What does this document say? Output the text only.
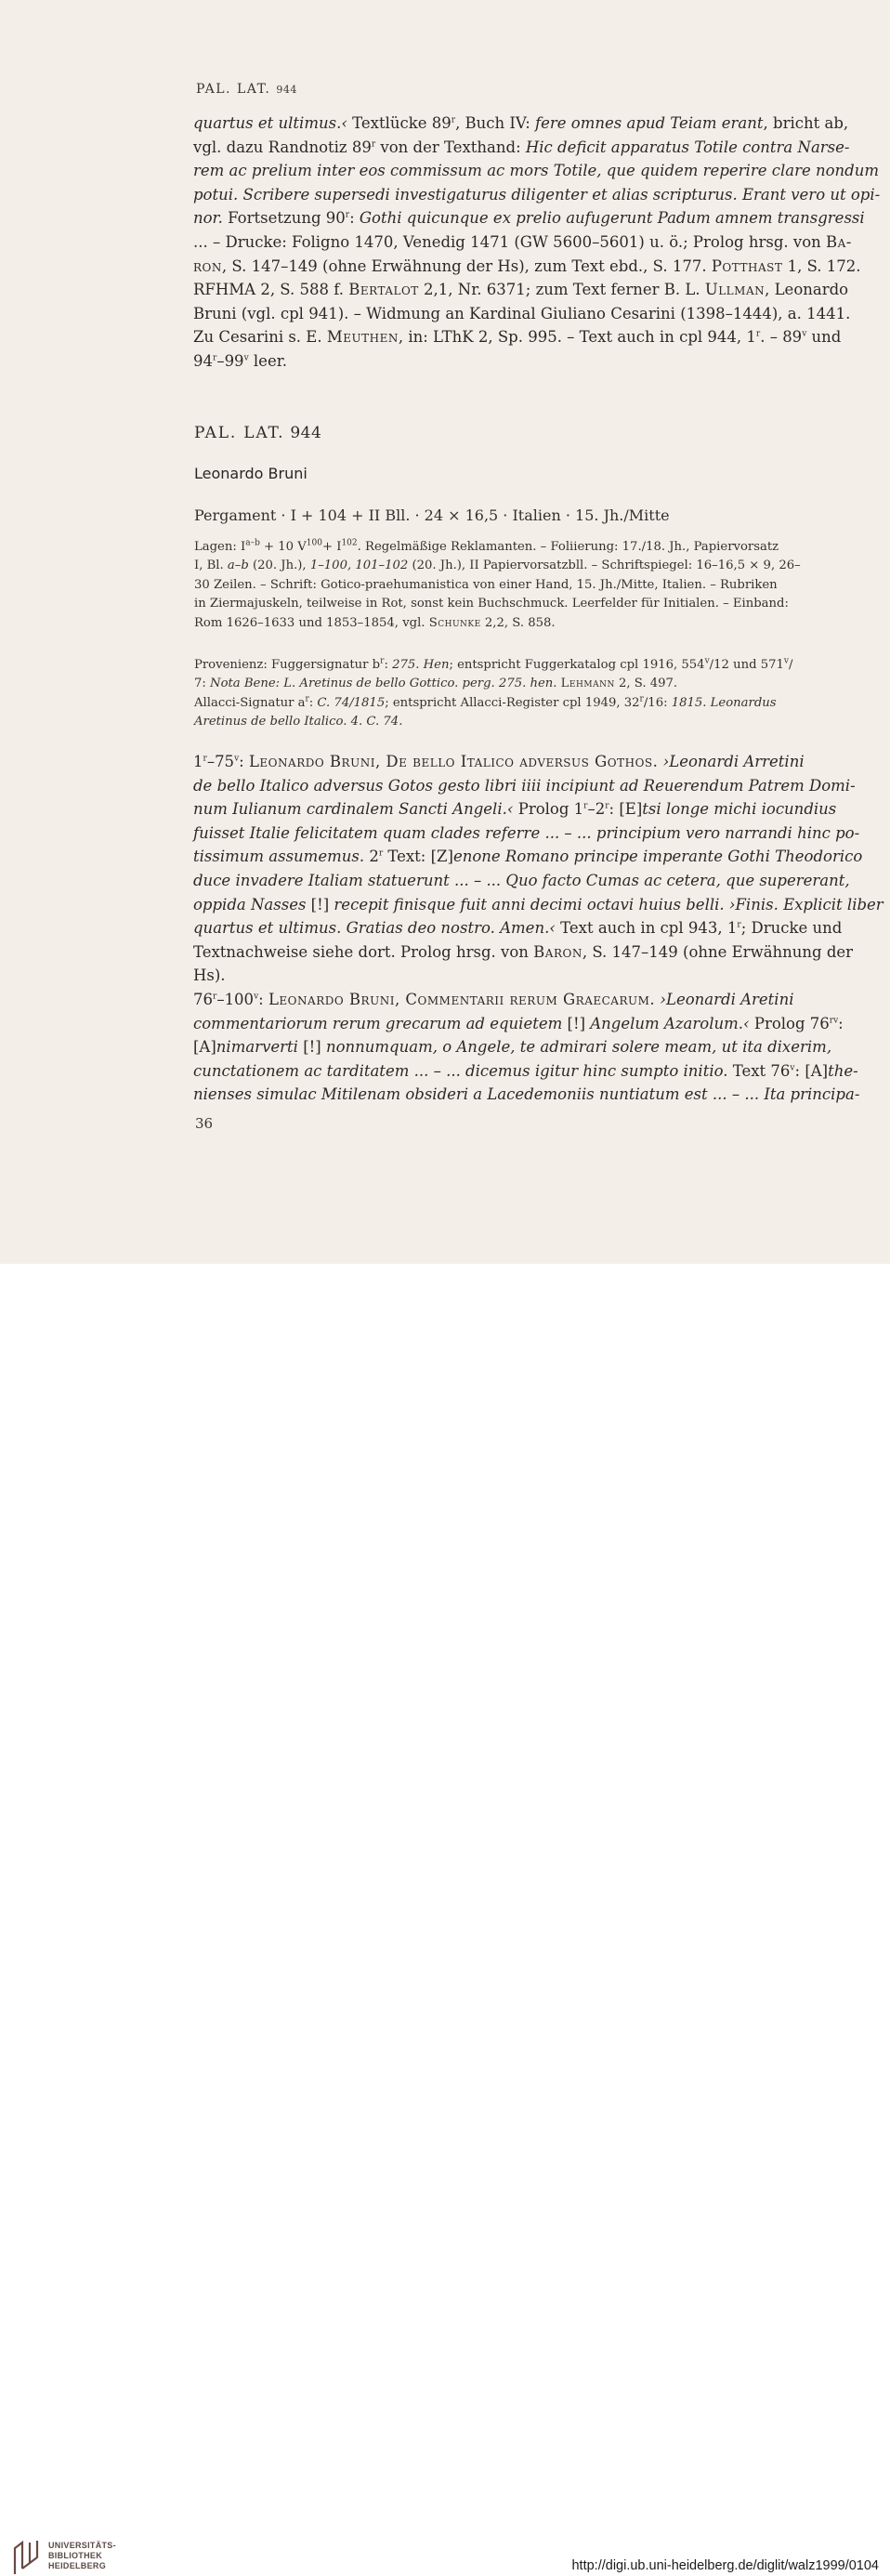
PAL. LAT. 944
quartus et ultimus.‹ Textlücke 89$^r$, Buch IV: fere omnes apud Teiam erant, bricht ab,
vgl. dazu Randnotiz 89$^r$ von der Texthand: Hic deficit apparatus Totile contra Narse-
rem ac prelium inter eos commissum ac mors Totile, que quidem reperire clare nondum
potui. Scribere supersedi investigaturus diligenter et alias scripturus. Erant vero ut opi-
nor. Fortsetzung 90$^r$: Gothi quicunque ex prelio aufugerunt Padum amnem transgressi
... – Drucke: Foligno 1470, Venedig 1471 (GW 5600–5601) u. ö.; Prolog hrsg. von Ba-
ron, S. 147–149 (ohne Erwähnung der Hs), zum Text ebd., S. 177. Potthast 1, S. 172.
RFHMA 2, S. 588 f. Bertalot 2,1, Nr. 6371; zum Text ferner B. L. Ullman, Leonardo
Bruni (vgl. cpl 941). – Widmung an Kardinal Giuliano Cesarini (1398–1444), a. 1441.
Zu Cesarini s. E. Meuthen, in: LThK 2, Sp. 995. – Text auch in cpl 944, 1$^r$. – 89$^v$ und
94$^r$–99$^v$ leer.
PAL. LAT. 944
Leonardo Bruni
Pergament · I + 104 + II Bll. · 24 × 16,5 · Italien · 15. Jh./Mitte
Lagen: $I^{a-b} + 10$ $V^{100}+ I^{102}$. Regelmäßige Reklamanten. – Foliierung: 17./18. Jh., Papiervorsatz
I, Bl. a–b (20. Jh.), 1–100, 101–102 (20. Jh.), II Papiervorsatzbll. – Schriftspiegel: 16–16,5 × 9, 26–
30 Zeilen. – Schrift: Gotico-praehumanistica von einer Hand, 15. Jh./Mitte, Italien. – Rubriken
in Ziermajuskeln, teilweise in Rot, sonst kein Buchschmuck. Leerfelder für Initialen. – Einband:
Rom 1626–1633 und 1853–1854, vgl. Schunke 2,2, S. 858.
Provenienz: Fuggersignatur $b^r$: 275. Hen; entspricht Fuggerkatalog cpl 1916, 554$^v$/12 und 571$^v$/
7: Nota Bene: L. Aretinus de bello Gottico. perg. 275. hen. Lehmann 2, S. 497.
Allacci-Signatur $a^r$: C. 74/1815; entspricht Allacci-Register cpl 1949, 32$^r$/16: 1815. Leonardus
Aretinus de bello Italico. 4. C. 74.
1$^r$–75$^v$: Leonardo Bruni, De bello Italico adversus Gothos. ›Leonardi Arretini
de bello Italico adversus Gotos gesto libri iiii incipiunt ad Reuerendum Patrem Domi-
num Iulianum cardinalem Sancti Angeli.‹ Prolog 1$^r$–2$^r$: [E]tsi longe michi iocundius
fuisset Italie felicitatem quam clades referre ... – ... principium vero narrandi hinc po-
tissimum assumemus. 2$^r$ Text: [Z]enone Romano principe imperante Gothi Theodorico
duce invadere Italiam statuerunt ... – ... Quo facto Cumas ac cetera, que supererant,
oppida Nasses [!] recepit finisque fuit anni decimi octavi huius belli. ›Finis. Explicit liber
quartus et ultimus. Gratias deo nostro. Amen.‹ Text auch in cpl 943, 1$^r$; Drucke und
Textnachweise siehe dort. Prolog hrsg. von Baron, S. 147–149 (ohne Erwähnung der
Hs).
76$^r$–100$^v$: Leonardo Bruni, Commentarii rerum Graecarum. ›Leonardi Aretini
commentariorum rerum grecarum ad equietem [!] Angelum Azarolum.‹ Prolog $76^{rv}$:
[A]nimarverti [!] nonnumquam, o Angele, te admirari solere meam, ut ita dixerim,
cunctationem ac tarditatem ... – ... dicemus igitur hinc sumpto initio. Text 76$^v$: [A]the-
nienses simulac Mitilenam obsideri a Lacedemoniis nuntiatum est ... – ... Ita principa-
36
UNIVERSITÄTS-
BIBLIOTHEK
HEIDELBERG	http://digi.ub.uni-heidelberg.de/diglit/walz1999/0104
